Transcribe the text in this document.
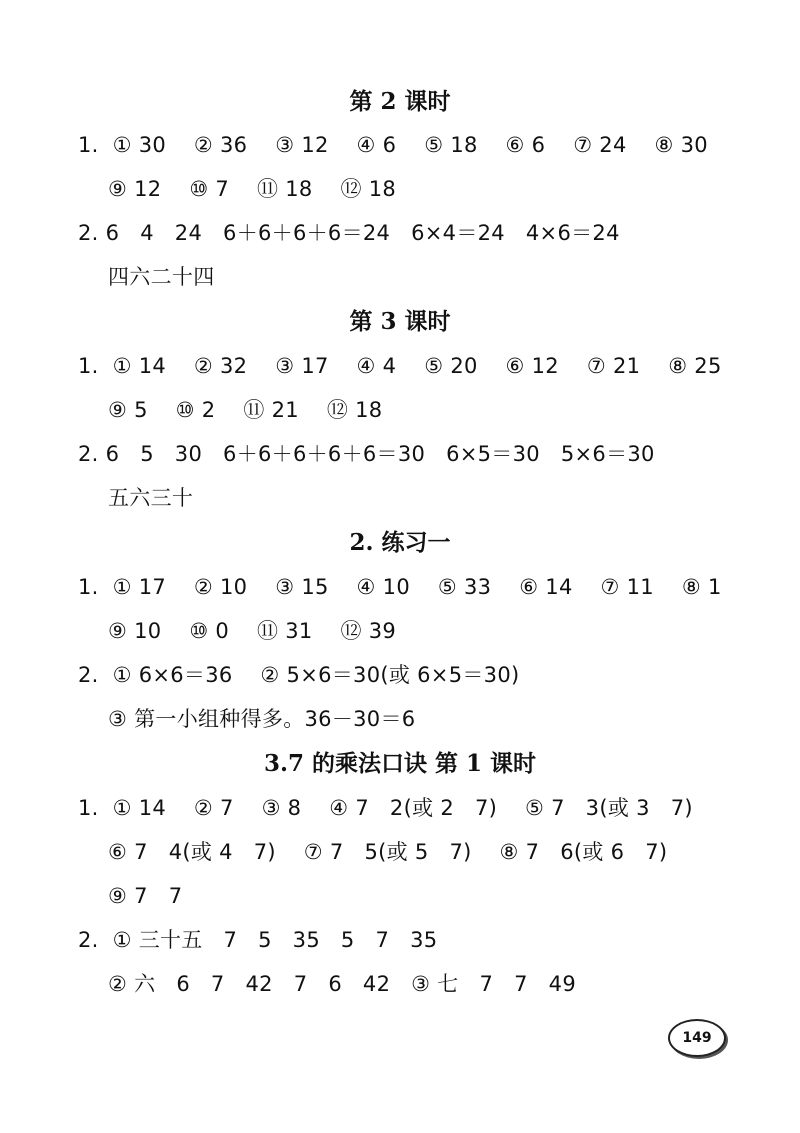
第 2 课时
1.  ① 30    ② 36    ③ 12    ④ 6    ⑤ 18    ⑥ 6    ⑦ 24    ⑧ 30
⑨ 12    ⑩ 7    ⑪ 18    ⑫ 18
2. 6   4   24   6＋6＋6＋6＝24   6×4＝24   4×6＝24
四六二十四
第 3 课时
1.  ① 14    ② 32    ③ 17    ④ 4    ⑤ 20    ⑥ 12    ⑦ 21    ⑧ 25
⑨ 5    ⑩ 2    ⑪ 21    ⑫ 18
2. 6   5   30   6＋6＋6＋6＋6＝30   6×5＝30   5×6＝30
五六三十
2. 练习一
1.  ① 17    ② 10    ③ 15    ④ 10    ⑤ 33    ⑥ 14    ⑦ 11    ⑧ 1
⑨ 10    ⑩ 0    ⑪ 31    ⑫ 39
2.  ① 6×6＝36    ② 5×6＝30(或 6×5＝30)
③ 第一小组种得多。36－30＝6
3.7 的乘法口诀 第 1 课时
1.  ① 14    ② 7    ③ 8    ④ 7   2(或 2   7)    ⑤ 7   3(或 3   7)
⑥ 7   4(或 4   7)    ⑦ 7   5(或 5   7)    ⑧ 7   6(或 6   7)
⑨ 7   7
2.  ① 三十五   7   5   35   5   7   35
② 六   6   7   42   7   6   42   ③ 七   7   7   49
149
